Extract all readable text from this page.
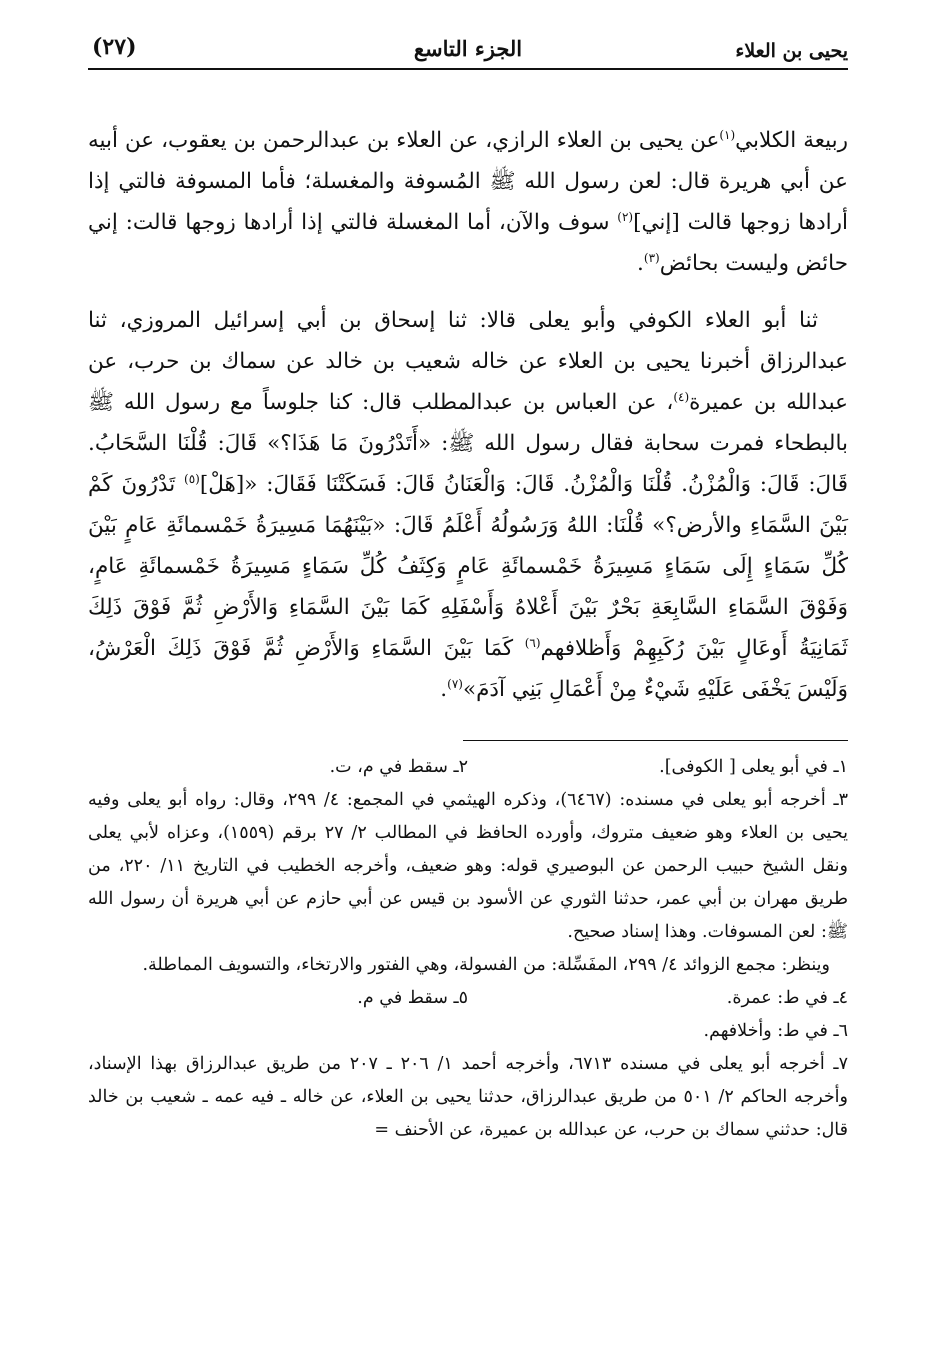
يحيى بن العلاء
الجزء التاسع
(٢٧)

ربيعة الكلابي$^{(١)}$عن يحيى بن العلاء الرازي، عن العلاء بن عبدالرحمن بن يعقوب، عن أبيه عن أبي هريرة قال: لعن رسول الله ﷺ المُسوفة والمغسلة؛ فأما المسوفة فالتي إذا أرادها زوجها قالت [إني]$^{(٢)}$ سوف والآن، أما المغسلة فالتي إذا أرادها زوجها قالت: إني حائض وليست بحائض$^{(٣)}$.

ثنا أبو العلاء الكوفي وأبو يعلى قالا: ثنا إسحاق بن أبي إسرائيل المروزي، ثنا عبدالرزاق أخبرنا يحيى بن العلاء عن خاله شعيب بن خالد عن سماك بن حرب، عن عبدالله بن عميرة$^{(٤)}$، عن العباس بن عبدالمطلب قال: كنا جلوساً مع رسول الله ﷺ بالبطحاء فمرت سحابة فقال رسول الله ﷺ: «أَتَدْرُونَ مَا هَذَا؟» قَالَ: قُلْنَا السَّحَابُ. قَالَ: قَالَ: وَالْمُزْنُ. قُلْنَا وَالْمُزْنُ. قَالَ: وَالْعَنَانُ قَالَ: فَسَكَتْنَا فَقَالَ: «[هَلْ]$^{(٥)}$ تَدْرُونَ كَمْ بَيْنَ السَّمَاءِ والأرض؟» قُلْنَا: اللهُ وَرَسُولُهُ أَعْلَمُ قَالَ: «بَيْنَهُمَا مَسِيرَةُ خَمْسمائَةِ عَامٍ بَيْنَ كُلِّ سَمَاءٍ إِلَى سَمَاءٍ مَسِيرَةُ خَمْسمائَةِ عَامٍ وَكِثَفُ كُلِّ سَمَاءٍ مَسِيرَةُ خَمْسمائَةِ عَامٍ، وَفَوْقَ السَّمَاءِ السَّابِعَةِ بَحْرٌ بَيْنَ أَعْلاهُ وَأَسْفَلِهِ كَمَا بَيْنَ السَّمَاءِ وَالأَرْضِ ثُمَّ فَوْقَ ذَلِكَ ثَمَانِيَةُ أَوعَالٍ بَيْنَ رُكَبِهِمْ وَأَظلافهم$^{(٦)}$ كَمَا بَيْنَ السَّمَاءِ وَالأَرْضِ ثُمَّ فَوْقَ ذَلِكَ الْعَرْشُ، وَلَيْسَ يَخْفَى عَلَيْهِ شَيْءٌ مِنْ أَعْمَالِ بَنِي آدَمَ»$^{(٧)}$.

١ـ في أبو يعلى [ الكوفى].
٢ـ سقط في م، ت.

٣ـ أخرجه أبو يعلى في مسنده: (٦٤٦٧)، وذكره الهيثمي في المجمع: ٤/ ٢٩٩، وقال: رواه أبو يعلى وفيه يحيى بن العلاء وهو ضعيف متروك، وأورده الحافظ في المطالب ٢/ ٢٧ برقم (١٥٥٩)، وعزاه لأبي يعلى ونقل الشيخ حبيب الرحمن عن البوصيري قوله: وهو ضعيف، وأخرجه الخطيب في التاريخ ١١/ ٢٢٠، من طريق مهران بن أبي عمر، حدثنا الثوري عن الأسود بن قيس عن أبي حازم عن أبي هريرة أن رسول الله ﷺ: لعن المسوفات. وهذا إسناد صحيح.

وينظر: مجمع الزوائد ٤/ ٢٩٩، المفَسِّلة: من الفسولة، وهي الفتور والارتخاء، والتسويف المماطلة.

٤ـ في ط: عمرة.
٥ـ سقط في م.

٦ـ في ط: وأخلافهم.

٧ـ أخرجه أبو يعلى في مسنده ٦٧١٣، وأخرجه أحمد ١/ ٢٠٦ ـ ٢٠٧ من طريق عبدالرزاق بهذا الإسناد، وأخرجه الحاكم ٢/ ٥٠١ من طريق عبدالرزاق، حدثنا يحيى بن العلاء، عن خاله ـ فيه عمه ـ شعيب بن خالد قال: حدثني سماك بن حرب، عن عبدالله بن عميرة، عن الأحنف =
